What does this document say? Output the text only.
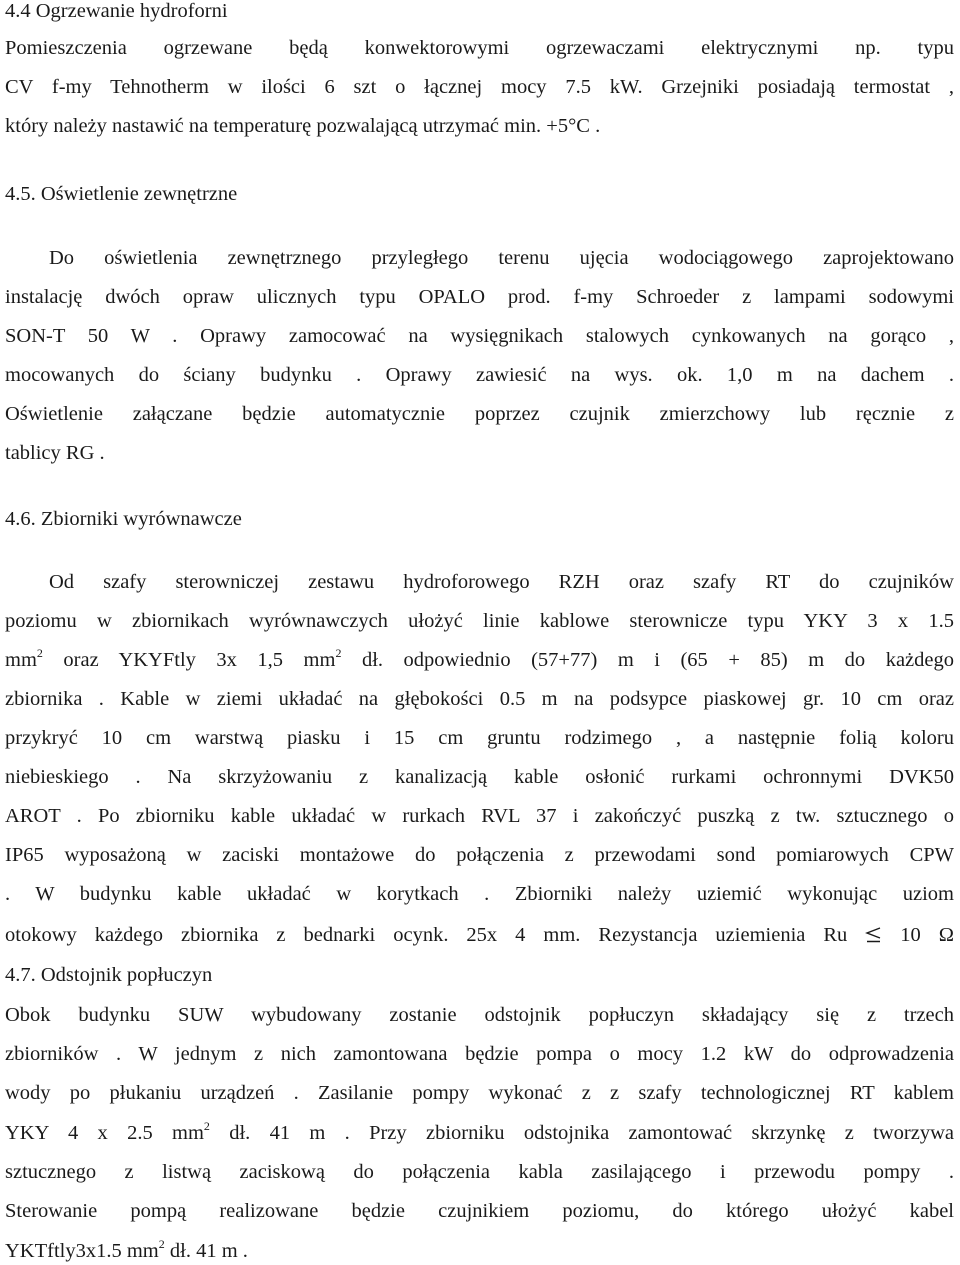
4.4 Ogrzewanie hydroforni
Pomieszczenia ogrzewane będą konwektorowymi ogrzewaczami elektrycznymi np. typu
CV f-my Tehnotherm w ilości 6 szt o łącznej mocy 7.5 kW. Grzejniki posiadają termostat ,
który należy nastawić na temperaturę pozwalającą utrzymać min. +5°C .
4.5. Oświetlenie zewnętrzne
Do oświetlenia zewnętrznego przyległego terenu ujęcia wodociągowego zaprojektowano
instalację dwóch opraw ulicznych typu OPALO prod. f-my Schroeder z lampami sodowymi
SON-T 50 W . Oprawy zamocować na wysięgnikach stalowych cynkowanych na gorąco ,
mocowanych do ściany budynku . Oprawy zawiesić na wys. ok. 1,0 m na dachem .
Oświetlenie załączane będzie automatycznie poprzez czujnik zmierzchowy lub ręcznie z
tablicy RG .
4.6. Zbiorniki wyrównawcze
Od szafy sterowniczej zestawu hydroforowego RZH oraz szafy RT do czujników
poziomu w zbiornikach wyrównawczych ułożyć linie kablowe sterownicze typu YKY 3 x 1.5
$mm^2$ oraz YKYFtly 3x 1,5 $mm^2$ dł. odpowiednio (57+77) m i (65 + 85) m do każdego
zbiornika . Kable w ziemi układać na głębokości 0.5 m na podsypce piaskowej gr. 10 cm oraz
przykryć 10 cm warstwą piasku i 15 cm gruntu rodzimego , a następnie folią koloru
niebieskiego . Na skrzyżowaniu z kanalizacją kable osłonić rurkami ochronnymi DVK50
AROT . Po zbiorniku kable układać w rurkach RVL 37 i zakończyć puszką z tw. sztucznego o
IP65 wyposażoną w zaciski montażowe do połączenia z przewodami sond pomiarowych CPW
. W budynku kable układać w korytkach . Zbiorniki należy uziemić wykonując uziom
otokowy każdego zbiornika z bednarki ocynk. 25x 4 mm. Rezystancja uziemienia Ru  10 Ω
4.7. Odstojnik popłuczyn
Obok budynku SUW wybudowany zostanie odstojnik popłuczyn składający się z trzech
zbiorników . W jednym z nich zamontowana będzie pompa o mocy 1.2 kW do odprowadzenia
wody po płukaniu urządzeń . Zasilanie pompy wykonać z z szafy technologicznej RT kablem
YKY 4 x 2.5 $mm^2$ dł. 41 m . Przy zbiorniku odstojnika zamontować skrzynkę z tworzywa
sztucznego z listwą zaciskową do połączenia kabla zasilającego i przewodu pompy .
Sterowanie pompą realizowane będzie czujnikiem poziomu, do którego ułożyć kabel
YKTftly3x1.5 $mm^2$ dł. 41 m .
